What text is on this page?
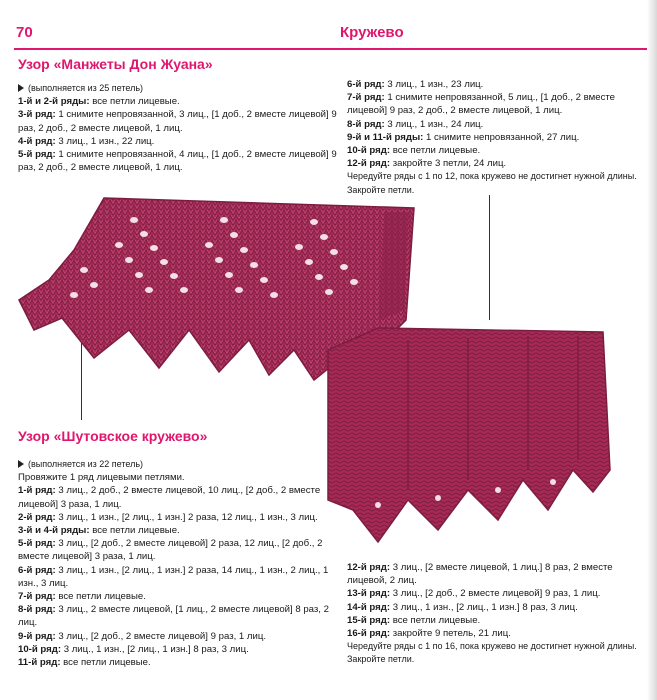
70	Кружево
Узор «Манжеты Дон Жуана»

(выполняется из 25 петель)

1-й и 2-й ряды: все петли лицевые.

3-й ряд: 1 снимите непровязанной, 3 лиц., [1 доб., 2 вместе лицевой] 9 раз, 2 доб., 2 вместе лицевой, 1 лиц.

4-й ряд: 3 лиц., 1 изн., 22 лиц.

5-й ряд: 1 снимите непровязанной, 4 лиц., [1 доб., 2 вместе лицевой] 9 раз, 2 доб., 2 вместе лицевой, 1 лиц.

6-й ряд: 3 лиц., 1 изн., 23 лиц.

7-й ряд: 1 снимите непровязанной, 5 лиц., [1 доб., 2 вместе лицевой] 9 раз, 2 доб., 2 вместе лицевой, 1 лиц.

8-й ряд: 3 лиц., 1 изн., 24 лиц.

9-й и 11-й ряды: 1 снимите непровязанной, 27 лиц.

10-й ряд: все петли лицевые.

12-й ряд: закройте 3 петли, 24 лиц.

Чередуйте ряды с 1 по 12, пока кружево не достигнет нужной длины. Закройте петли.

Узор «Шутовское кружево»

(выполняется из 22 петель)

Провяжите 1 ряд лицевыми петлями.

1-й ряд: 3 лиц., 2 доб., 2 вместе лицевой, 10 лиц., [2 доб., 2 вместе лицевой] 3 раза, 1 лиц.

2-й ряд: 3 лиц., 1 изн., [2 лиц., 1 изн.] 2 раза, 12 лиц., 1 изн., 3 лиц.

3-й и 4-й ряды: все петли лицевые.

5-й ряд: 3 лиц., [2 доб., 2 вместе лицевой] 2 раза, 12 лиц., [2 доб., 2 вместе лицевой] 3 раза, 1 лиц.

6-й ряд: 3 лиц., 1 изн., [2 лиц., 1 изн.] 2 раза, 14 лиц., 1 изн., 2 лиц., 1 изн., 3 лиц.

7-й ряд: все петли лицевые.

8-й ряд: 3 лиц., 2 вместе лицевой, [1 лиц., 2 вместе лицевой] 8 раз, 2 лиц.

9-й ряд: 3 лиц., [2 доб., 2 вместе лицевой] 9 раз, 1 лиц.

10-й ряд: 3 лиц., 1 изн., [2 лиц., 1 изн.] 8 раз, 3 лиц.

11-й ряд: все петли лицевые.

12-й ряд: 3 лиц., [2 вместе лицевой, 1 лиц.] 8 раз, 2 вместе лицевой, 2 лиц.

13-й ряд: 3 лиц., [2 доб., 2 вместе лицевой] 9 раз, 1 лиц.

14-й ряд: 3 лиц., 1 изн., [2 лиц., 1 изн.] 8 раз, 3 лиц.

15-й ряд: все петли лицевые.

16-й ряд: закройте 9 петель, 21 лиц.

Чередуйте ряды с 1 по 16, пока кружево не достигнет нужной длины.

Закройте петли.
